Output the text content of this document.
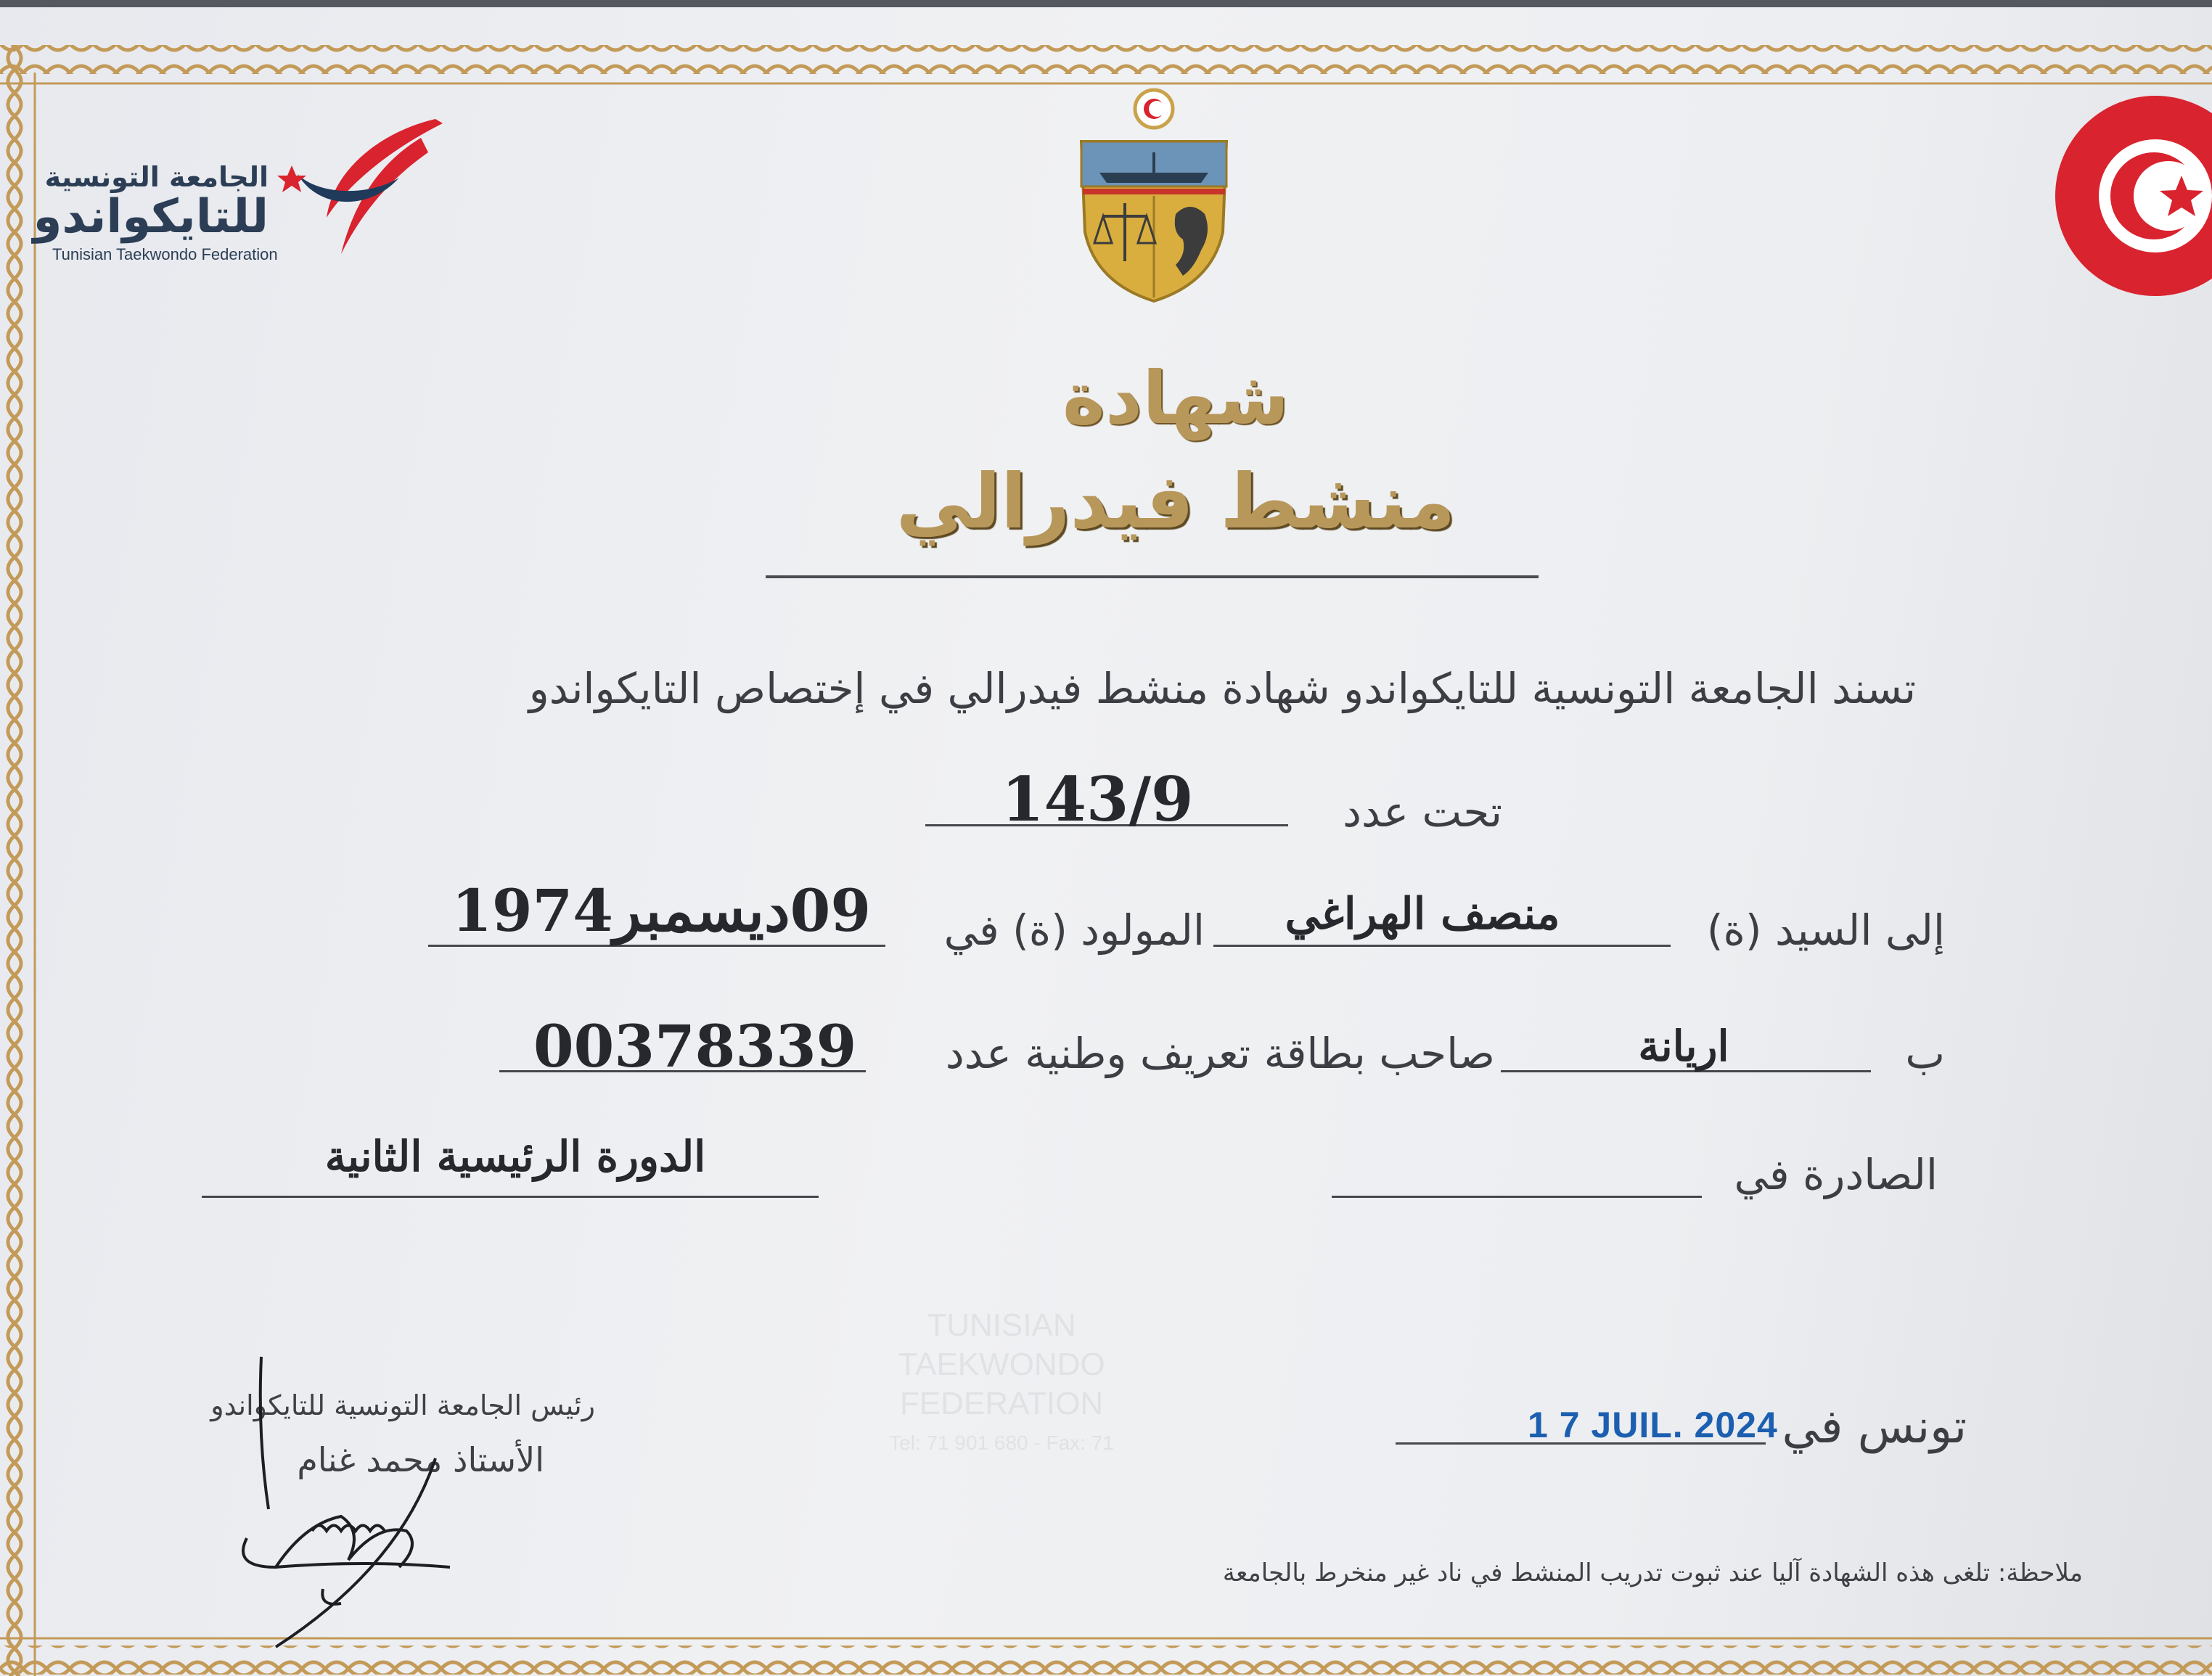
الجامعة التونسية
للتايكواندو
Tunisian Taekwondo Federation
شهادة
منشط فيدرالي
تسند الجامعة التونسية للتايكواندو شهادة منشط فيدرالي في إختصاص التايكواندو
تحت عدد
143/9
إلى السيد (ة)
منصف الهراغي
المولود (ة) في
09ديسمبر1974
ب
اريانة
صاحب بطاقة تعريف وطنية عدد
00378339
الصادرة في
الدورة الرئيسية الثانية
TUNISIAN
TAEKWONDO
FEDERATION
Tel: 71 901 680 - Fax: 71	تونس في
1 7 JUIL. 2024
رئيس الجامعة التونسية للتايكواندو
الأستاذ محمد غنام
ملاحظة: تلغى هذه الشهادة آليا عند ثبوت تدريب المنشط في ناد غير منخرط بالجامعة
